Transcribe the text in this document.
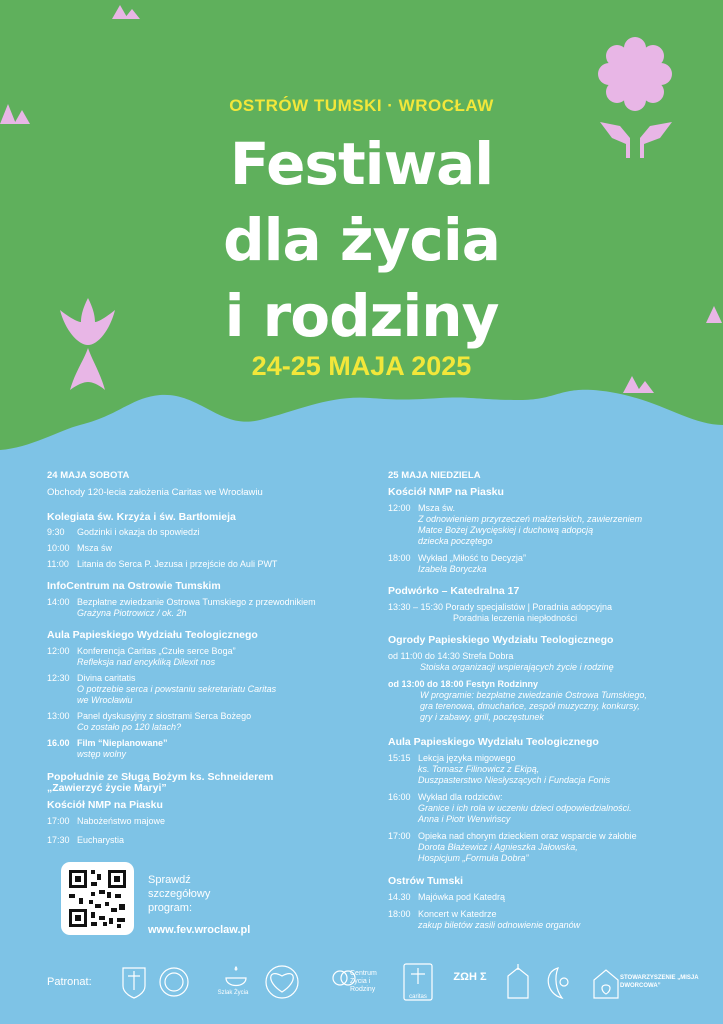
OSTRÓW TUMSKI · WROCŁAW
Festiwal
dla życia
i rodziny
24-25 MAJA 2025
24 MAJA SOBOTA
Obchody 120-lecia założenia Caritas we Wrocławiu
Kolegiata św. Krzyża i św. Bartłomieja
9:30	Godzinki i okazja do spowiedzi
10:00 Msza św
11:00 Litania do Serca P. Jezusa i przejście do Auli PWT
InfoCentrum na Ostrowie Tumskim
14:00 Bezpłatne zwiedzanie Ostrowa Tumskiego z przewodnikiem
Grażyna Piotrowicz / ok. 2h
Aula Papieskiego Wydziału Teologicznego
12:00 Konferencja Caritas „Czułe serce Boga”
Refleksja nad encykliką Dilexit nos
12:30 Divina caritatis
O potrzebie serca i powstaniu sekretariatu Caritas
we Wrocławiu
13:00 Panel dyskusyjny z siostrami Serca Bożego
Co zostało po 120 latach?
16.00 Film “Nieplanowane”
wstęp wolny
Popołudnie ze Sługą Bożym ks. Schneiderem
„Zawierzyć życie Maryi”
Kościół NMP na Piasku
17:00 Nabożeństwo majowe
17:30 Eucharystia
25 MAJA NIEDZIELA
Kościół NMP na Piasku
12:00 Msza św.
Z odnowieniem przyrzeczeń małżeńskich, zawierzeniem
Matce Bożej Zwycięskiej i duchową adopcją
dziecka poczętego
18:00 Wykład „Miłość to Decyzja”
Izabela Boryczka
Podwórko – Katedralna 17
13:30 – 15:30 Porady specjalistów | Poradnia adopcyjna
Poradnia leczenia niepłodności
Ogrody Papieskiego Wydziału Teologicznego
od 11:00 do 14:30 Strefa Dobra
Stoiska organizacji wspierających życie i rodzinę
od 13:00 do 18:00 Festyn Rodzinny
W programie: bezpłatne zwiedzanie Ostrowa Tumskiego,
gra terenowa, dmuchańce, zespół muzyczny, konkursy,
gry i zabawy, grill, poczęstunek
Aula Papieskiego Wydziału Teologicznego
15:15 Lekcja języka migowego
ks. Tomasz Filinowicz z Ekipą,
Duszpasterstwo Niesłyszących i Fundacja Fonis
16:00 Wykład dla rodziców:
Granice i ich rola w uczeniu dzieci odpowiedzialności.
Anna i Piotr Werwińscy
17:00 Opieka nad chorym dzieckiem oraz wsparcie w żałobie
Dorota Błażewicz i Agnieszka Jałowska,
Hospicjum „Formuła Dobra”
Ostrów Tumski
14.30 Majówka pod Katedrą
18:00 Koncert w Katedrze
zakup biletów zasili odnowienie organów
Sprawdź
szczegółowy
program:
www.fev.wroclaw.pl
Patronat:
Szlak Życia
Centrum Życia i Rodziny
caritas
ΖΩΗ Σ	STOWARZYSZENIE „MISJA DWORCOWA”
